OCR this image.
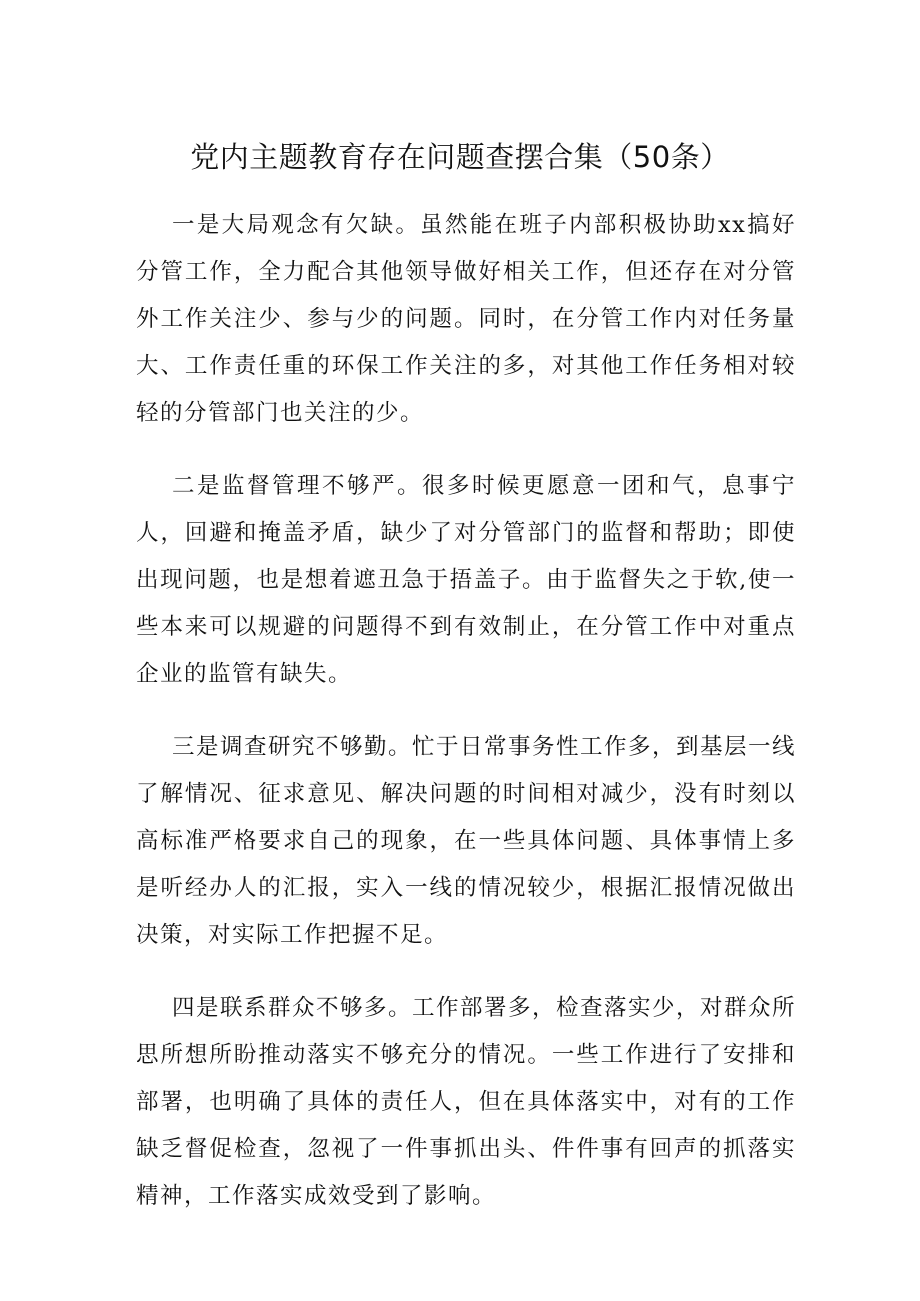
党内主题教育存在问题查摆合集（50条）

一是大局观念有欠缺。虽然能在班子内部积极协助xx搞好分管工作，全力配合其他领导做好相关工作，但还存在对分管外工作关注少、参与少的问题。同时，在分管工作内对任务量大、工作责任重的环保工作关注的多，对其他工作任务相对较轻的分管部门也关注的少。

二是监督管理不够严。很多时候更愿意一团和气，息事宁人，回避和掩盖矛盾，缺少了对分管部门的监督和帮助；即使出现问题，也是想着遮丑急于捂盖子。由于监督失之于软,使一些本来可以规避的问题得不到有效制止，在分管工作中对重点企业的监管有缺失。

三是调查研究不够勤。忙于日常事务性工作多，到基层一线了解情况、征求意见、解决问题的时间相对减少，没有时刻以高标准严格要求自己的现象，在一些具体问题、具体事情上多是听经办人的汇报，实入一线的情况较少，根据汇报情况做出决策，对实际工作把握不足。

四是联系群众不够多。工作部署多，检查落实少，对群众所思所想所盼推动落实不够充分的情况。一些工作进行了安排和部署，也明确了具体的责任人，但在具体落实中，对有的工作缺乏督促检查，忽视了一件事抓出头、件件事有回声的抓落实精神，工作落实成效受到了影响。
